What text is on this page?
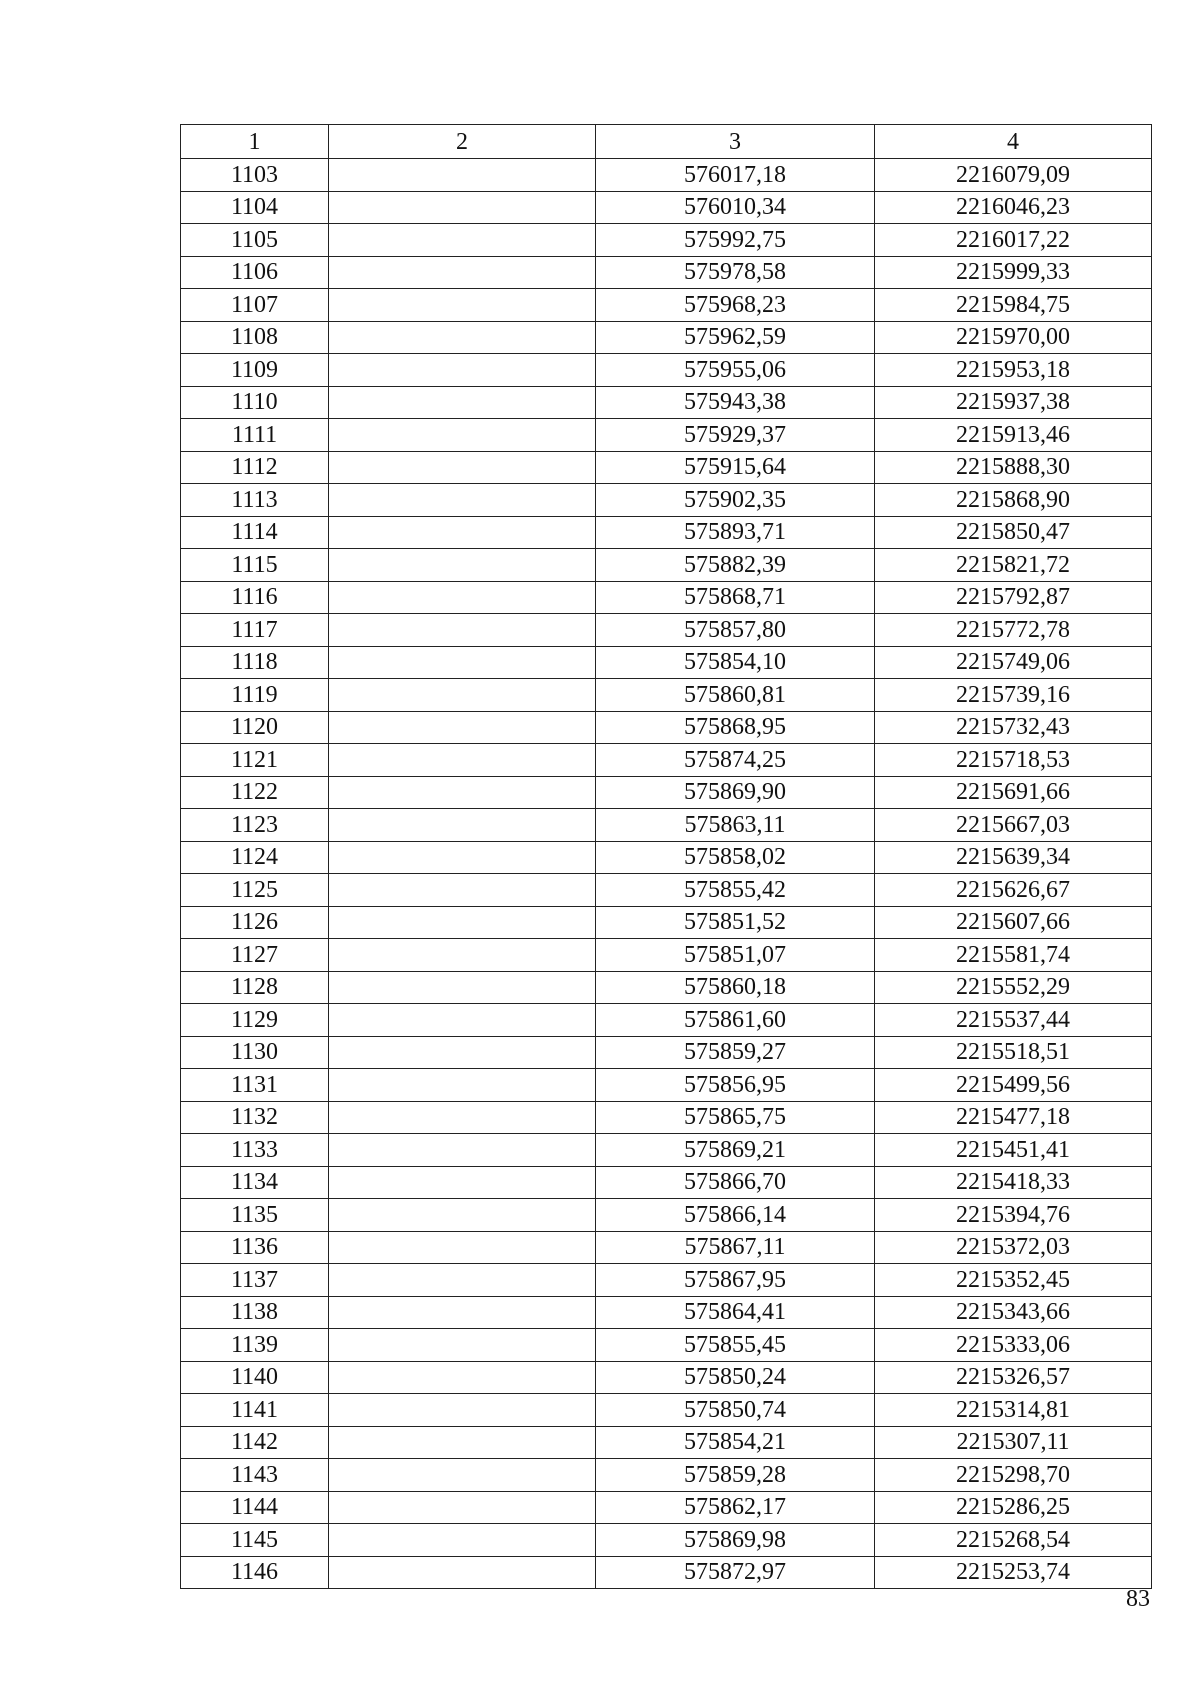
1	2	3	4
1103		576017,18	2216079,09
1104		576010,34	2216046,23
1105		575992,75	2216017,22
1106		575978,58	2215999,33
1107		575968,23	2215984,75
1108		575962,59	2215970,00
1109		575955,06	2215953,18
1110		575943,38	2215937,38
1111		575929,37	2215913,46
1112		575915,64	2215888,30
1113		575902,35	2215868,90
1114		575893,71	2215850,47
1115		575882,39	2215821,72
1116		575868,71	2215792,87
1117		575857,80	2215772,78
1118		575854,10	2215749,06
1119		575860,81	2215739,16
1120		575868,95	2215732,43
1121		575874,25	2215718,53
1122		575869,90	2215691,66
1123		575863,11	2215667,03
1124		575858,02	2215639,34
1125		575855,42	2215626,67
1126		575851,52	2215607,66
1127		575851,07	2215581,74
1128		575860,18	2215552,29
1129		575861,60	2215537,44
1130		575859,27	2215518,51
1131		575856,95	2215499,56
1132		575865,75	2215477,18
1133		575869,21	2215451,41
1134		575866,70	2215418,33
1135		575866,14	2215394,76
1136		575867,11	2215372,03
1137		575867,95	2215352,45
1138		575864,41	2215343,66
1139		575855,45	2215333,06
1140		575850,24	2215326,57
1141		575850,74	2215314,81
1142		575854,21	2215307,11
1143		575859,28	2215298,70
1144		575862,17	2215286,25
1145		575869,98	2215268,54
1146		575872,97	2215253,74
83
